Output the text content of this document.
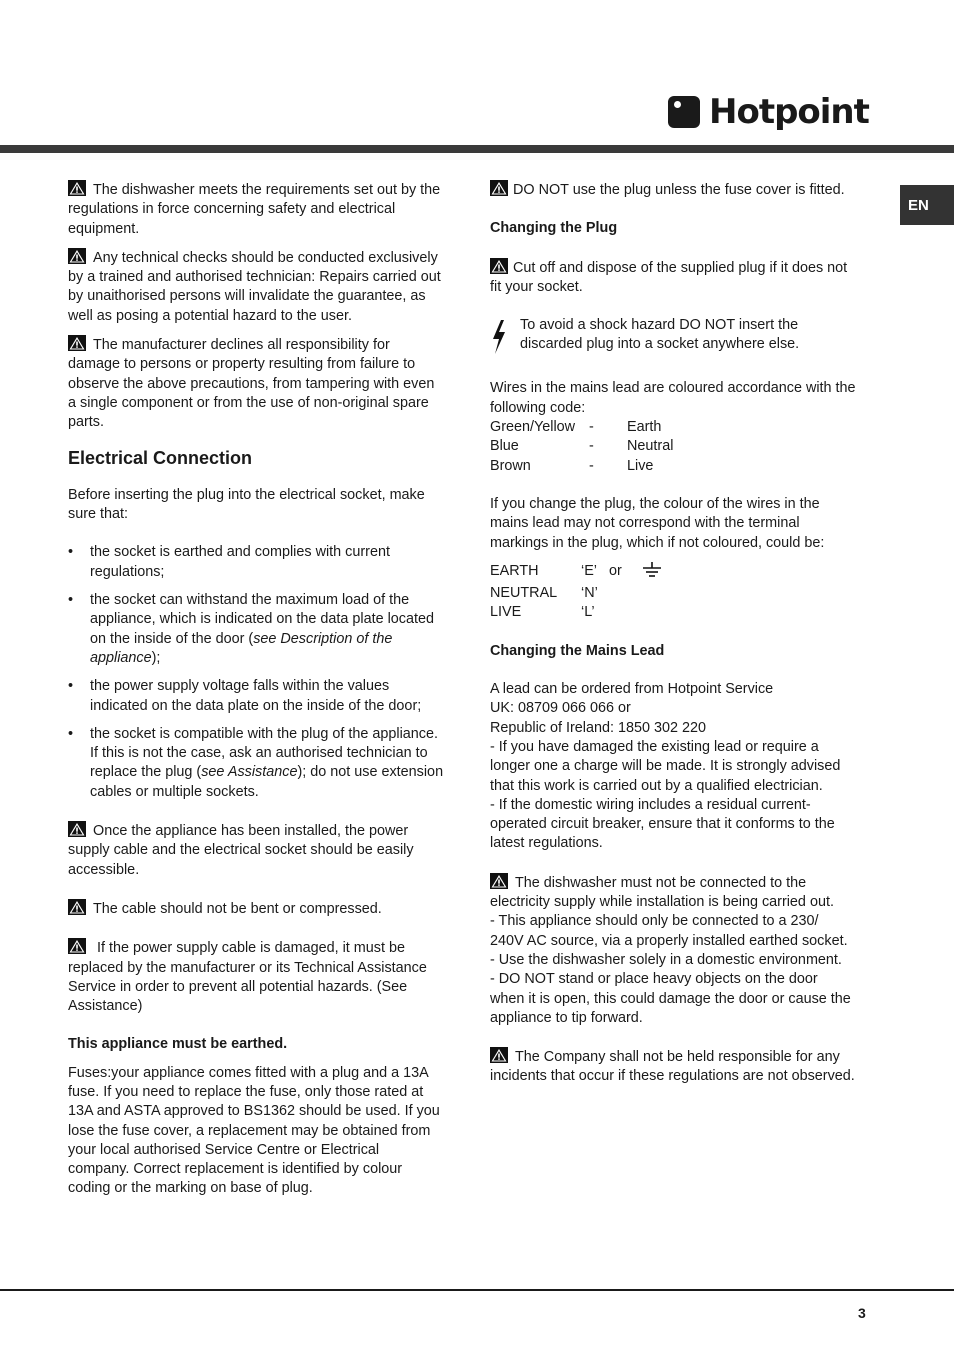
Hotpoint
EN

The dishwasher meets the requirements set out by the regulations in force concerning safety and electrical equipment.

Any technical checks should be conducted exclusively by a trained and authorised technician: Repairs carried out by unaithorised persons will invalidate the guarantee, as well as posing a potential hazard to the user.

The manufacturer declines all responsibility for damage to persons or property resulting from failure to observe the above precautions, from tampering with even a single component or from the use of non-original spare parts.

Electrical Connection

Before inserting the plug into the electrical socket, make sure that:

• the socket is earthed and complies with current regulations;
• the socket can withstand the maximum load of the appliance, which is indicated on the data plate located on the inside of the door (see Description of the appliance);
• the power supply voltage falls within the values indicated on the data plate on the inside of the door;
• the socket is compatible with the plug of the appliance. If this is not the case, ask an authorised technician to replace the plug (see Assistance); do not use extension cables or multiple sockets.

Once the appliance has been installed, the power supply cable and the electrical socket should be easily accessible.

The cable should not be bent or compressed.

If the power supply cable is damaged, it must be replaced by the manufacturer or its Technical Assistance Service in order to prevent all potential hazards. (See Assistance)

This appliance must be earthed.

Fuses:your appliance comes fitted with a plug and a 13A fuse. If you need to replace the fuse, only those rated at 13A and ASTA approved to BS1362 should be used. If you lose the fuse cover, a replacement may be obtained from your local authorised Service Centre or Electrical company. Correct replacement is identified by colour coding or the marking on base of plug.

DO NOT use the plug unless the fuse cover is fitted.

Changing the Plug

Cut off and dispose of the supplied plug if it does not fit your socket.

To avoid a shock hazard DO NOT insert the discarded plug into a socket anywhere else.

Wires in the mains lead are coloured accordance with the following code:

Green/Yellow -	Earth
Blue	-	Neutral
Brown	-	Live

If you change the plug, the colour of the wires in the mains lead may not correspond with the terminal markings in the plug, which if not coloured, could be:

EARTH	‘E’ or
NEUTRAL	‘N’
LIVE	‘L’

Changing the Mains Lead

A lead can be ordered from Hotpoint Service

UK: 08709 066 066 or

Republic of Ireland: 1850 302 220

- If you have damaged the existing lead or require a longer one a charge will be made. It is strongly advised that this work is carried out by a qualified electrician.

- If the domestic wiring includes a residual current-operated circuit breaker, ensure that it conforms to the latest regulations.

The dishwasher must not be connected to the electricity supply while installation is being carried out.

- This appliance should only be connected to a 230/ 240V AC source, via a properly installed earthed socket.

- Use the dishwasher solely in a domestic environment.

- DO NOT stand or place heavy objects on the door when it is open, this could damage the door or cause the appliance to tip forward.

The Company shall not be held responsible for any incidents that occur if these regulations are not observed.

3
